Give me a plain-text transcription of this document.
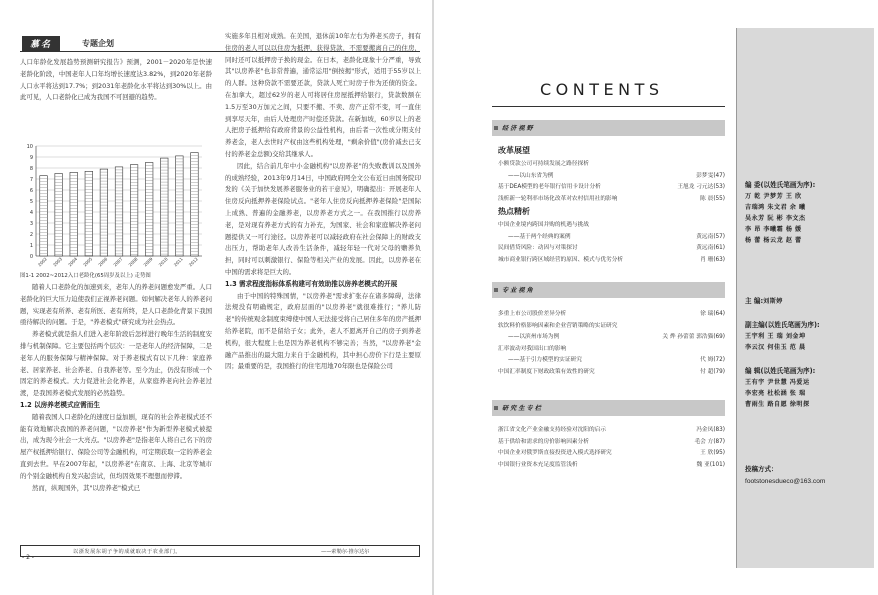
慕名	专题企划

人口年龄化发展趋势预测研究报告》预测，2001－2020年是快速老龄化阶段，中国老年人口年均增长速度达3.82%，到2020年老龄人口水平将达到17.7%；到2031年老龄化水平将达到30%以上。由此可见，人口老龄化已成为我国不可回避的趋势。

0
1
2
3
4
5
6
7
8
9
10
2002 2003 2004 2005 2006 2007 2008 2009 2010 2011 2012
图1-1 2002~2012入口老龄化(65周岁及以上) 走势图

随着人口老龄化的加速到来，老年人的养老问题愈发严重。人口老龄化的巨大压力迫使我们正视养老问题。如何解决老年人的养老问题，实现老有所养、老有所医、老有所终，是人口老龄化背景下我国亟待解决的问题。于是，"养老模式"研究成为社会热点。

养老模式就是指人们进入老年阶段后怎样进行晚年生活的制度安排与机制保障。它主要包括两个层次：一是老年人的经济保障，二是老年人的服务保障与精神保障。对于养老模式有以下几种：家庭养老、居家养老、社会养老、自我养老等。至今为止，仍没有形成一个固定的养老模式。大力促进社会化养老，从家庭养老向社会养老过渡，是我国养老模式发展的必然趋势。

1.2 以房养老模式应需而生

随着我国人口老龄化的速度日益加剧，现有的社会养老模式还不能有效地解决我国的养老问题，"以房养老"作为新型养老模式被提出，成为现今社会一大亮点。"以房养老"是指老年人将自己名下的房屋产权抵押给银行、保险公司等金融机构，可定期获取一定的养老金直到去世。早在2007年起，"以房养老"在南京、上海、北京等城市的个别金融机构自发兴起尝试，但均因效果不理想而停滞。

然而，纵观国外，其"以房养老"模式已

实施多年且相对成熟。在美国，退休前10年左右为养老买房子，拥有住房的老人可以以住房为抵押，获得贷款，不需要搬离自己的住房，同时还可以抵押房子换的现金。在日本，老龄化现象十分严重，导致其"以房养老"也非常普遍，通常运用"倒按揭"形式，适用于55岁以上的人群。这种贷款不需要还款，贷款人死亡时房子作为还债的资金。在加拿大，超过62岁的老人可将居住房屋抵押给银行，贷款数额在1.5万至30万加元之间，只要不搬、不卖、房产正常不变，可一直住到享尽天年，由后人处理房产时偿还贷款。在新加坡，60岁以上的老人把房子抵押给有政府背景的公益性机构，由后者一次性或分期支付养老金，老人去世时产权由这些机构处理，"剩余价值"(房价减去已支付的养老金总额)交给其继承人。

因此，结合前几年中小金融机构"以房养老"的失败教训以及国外的成熟经验，2013年9月14日，中国政府网全文公布近日由国务院印发的《关于加快发展养老服务业的若干意见》，明确提出：开展老年人住房反向抵押养老保险试点。"老年人住房反向抵押养老保险"是国际上成熟、普遍的金融养老，以房养老方式之一。在我国推行以房养老，是对现有养老方式的有力补充，为国家、社会和家庭解决养老问题提供又一可行途径。以房养老可以减轻政府在社会保障上的财政支出压力，帮助老年人改善生活条件，减轻年轻一代对父母的赡养负担，同时可以刺激银行、保险等相关产业的发展。因此，以房养老在中国的需求将是巨大的。

1.3 需求程度指标体系构建可有效助推以房养老模式的开展

由于中国的特殊国情，"以房养老"需求扩张存在诸多障碍，法律法规没有明确规定，政府层面的"以房养老"就很难推行；"养儿防老"的传统观念制度束缚使中国人无法接受将自己居住多年的房产抵押给养老院，而不是留给子女；此外，老人不愿离开自己的房子到养老机构，很大程度上也是因为养老机构不够完善；当然，"以房养老"金融产品推出的最大阻力来自于金融机构，其中担心房价下行是主要原因；最重要的是，我国推行的住宅用地70年限也是保险公司

以浙发展东胡子争的成就取决于农业部门。	——索勒尔·推尔达尔
- 2 -
CONTENTS
经济视野
改革展望
小额贷款公司可持续发展之路径探析
——以山东省为例	彭梦雯(47)
基于DEA模型的老年银行信用卡设计分析	王旭龙 刁元达(53)
浅析新一轮利率市场化改革对农村信用社的影响	陈 晨(55)
热点精析
中国企业境内跨国并购的机遇与挑战
——基于两个经典的案例	黄远南(57)
民间借贷风险：动因与对策探讨	黄远南(61)
城市商业银行跨区域经营的原因、模式与优劣分析	肖 珊(63)
专业视角
多重上市公司股价差异分析	徐 瑞(64)
软饮料价格影响因素和企业营销策略的实证研究
——以滨州市场为例	关 烨 孙蕾蕾 郭浩猫(69)
汇率波动对我国出口的影响
——基于引力模型的实证研究	代 姆(72)
中国汇率制度下财政政策有效性的研究	付 超(79)
研究生专栏
浙江省文化产业金融支持经验对沈阳的启示	冯金凤(83)
基于供给和需求的房价影响因素分析	毛会 方(87)
中国企业对俄罗斯直接投资进入模式选择研究	王 欣(95)
中国银行业资本充足度监管浅析	魏 亚(101)
编 委(以姓氏笔画为序):
万 乾 尹梦芳 王 欣
吉瑞鸿 朱文君 余 曦
吴永芳 阮 彬 李文杰
李 昂 李曦霜 杨 媛
杨 蕾 杨云龙 赵 蕾
主 编:刘斯婷
副主编(以姓氏笔画为序):
王宇利 王 瑞 刘金坤
李云汉 何佳玉 范 晨
编 辑(以姓氏笔画为序):
王有宇 尹世慧 冯爱运
李宏亮 杜松涵 张 瑞
曹雨生 路自愿 徐明探
投稿方式：
footstonesdueco@163.com
